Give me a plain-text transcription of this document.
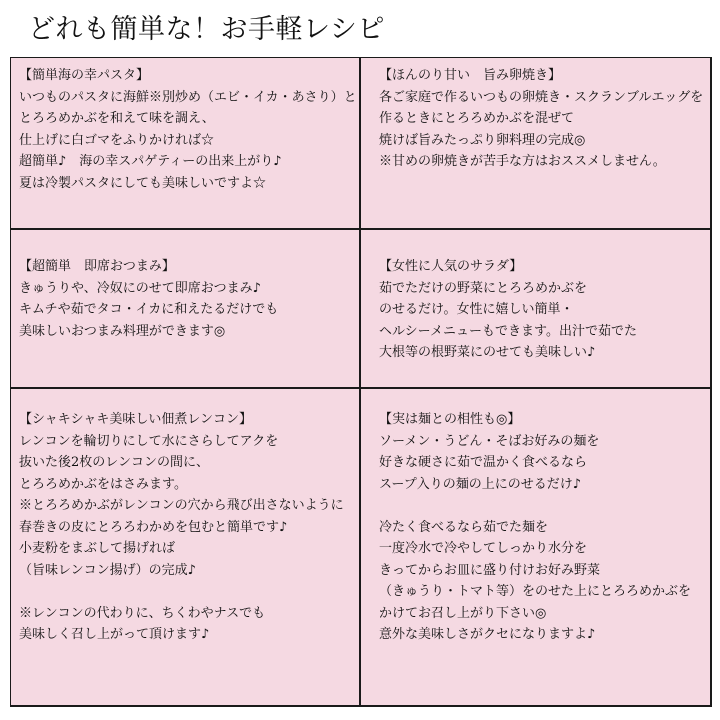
どれも簡単な！お手軽レシピ
【簡単海の幸パスタ】
いつものパスタに海鮮※別炒め（エビ・イカ・あさり）と
とろろめかぶを和えて味を調え、
仕上げに白ゴマをふりかければ☆
超簡単♪　海の幸スパゲティーの出来上がり♪
夏は冷製パスタにしても美味しいですよ☆
【ほんのり甘い　旨み卵焼き】
各ご家庭で作るいつもの卵焼き・スクランブルエッグを
作るときにとろろめかぶを混ぜて
焼けば旨みたっぷり卵料理の完成◎
※甘めの卵焼きが苦手な方はおススメしません。
【超簡単　即席おつまみ】
きゅうりや、冷奴にのせて即席おつまみ♪
キムチや茹でタコ・イカに和えたるだけでも
美味しいおつまみ料理ができます◎
【女性に人気のサラダ】
茹でただけの野菜にとろろめかぶを
のせるだけ。女性に嬉しい簡単・
ヘルシーメニューもできます。出汁で茹でた
大根等の根野菜にのせても美味しい♪
【シャキシャキ美味しい佃煮レンコン】
レンコンを輪切りにして水にさらしてアクを
抜いた後2枚のレンコンの間に、
とろろめかぶをはさみます。
※とろろめかぶがレンコンの穴から飛び出さないように
春巻きの皮にとろろわかめを包むと簡単です♪
小麦粉をまぶして揚げれば
（旨味レンコン揚げ）の完成♪
※レンコンの代わりに、ちくわやナスでも
美味しく召し上がって頂けます♪
【実は麺との相性も◎】
ソーメン・うどん・そばお好みの麺を
好きな硬さに茹で温かく食べるなら
スープ入りの麺の上にのせるだけ♪
冷たく食べるなら茹でた麺を
一度冷水で冷やしてしっかり水分を
きってからお皿に盛り付けお好み野菜
（きゅうり・トマト等）をのせた上にとろろめかぶを
かけてお召し上がり下さい◎
意外な美味しさがクセになりますよ♪
